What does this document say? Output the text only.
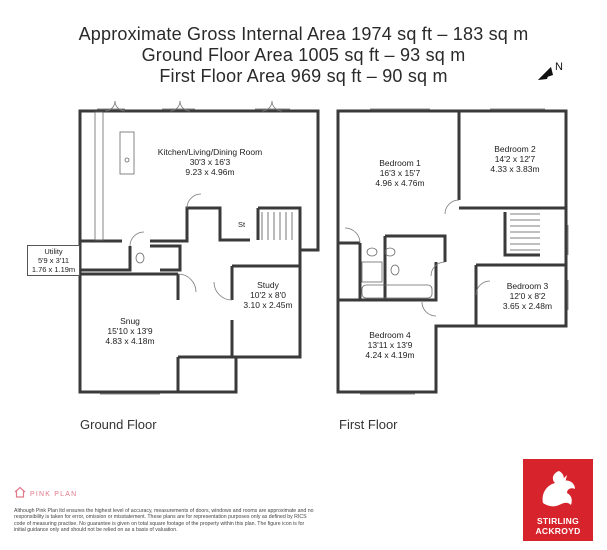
Approximate Gross Internal Area 1974 sq ft – 183 sq m
Ground Floor Area 1005 sq ft – 93 sq m
First Floor Area 969 sq ft – 90 sq m	N
Ground Floor	First Floor
Kitchen/Living/Dining Room
30'3 x 16'3
9.23 x 4.96m
Utility
5'9 x 3'11
1.76 x 1.19m
St
Study
10'2 x 8'0
3.10 x 2.45m
Snug
15'10 x 13'9
4.83 x 4.18m
Bedroom 1
16'3 x 15'7
4.96 x 4.76m
Bedroom 2
14'2 x 12'7
4.33 x 3.83m
Bedroom 3
12'0 x 8'2
3.65 x 2.48m
Bedroom 4
13'11 x 13'9
4.24 x 4.19m
PINK PLAN
Although Pink Plan ltd ensures the highest level of accuracy, measurements of doors, windows and rooms are approximate and no responsibility is taken for error, omission or misstatement. These plans are for representation purposes only as defined by RICS code of measuring practise. No guarantee is given on total square footage of the property within this plan. The figure icon is for initial guidance only and should not be relied on as a basis of valuation.
STIRLING
ACKROYD
